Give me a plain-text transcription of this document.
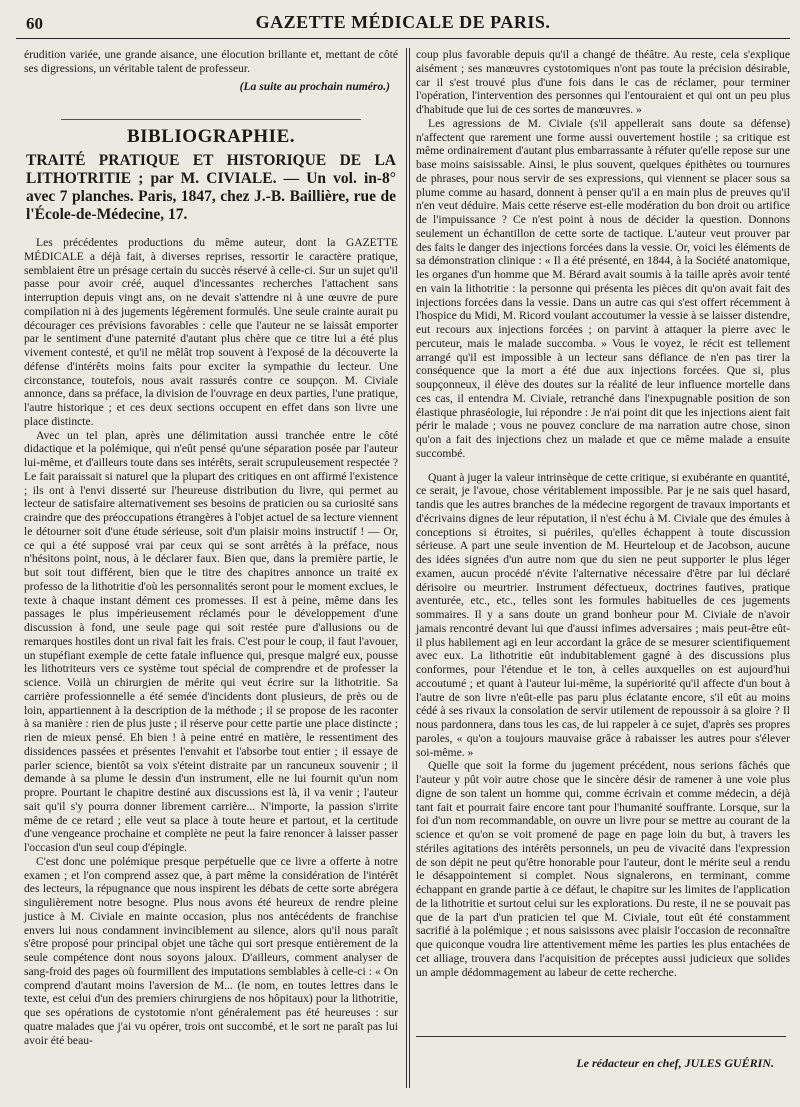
60	GAZETTE MÉDICALE DE PARIS.

érudition variée, une grande aisance, une élocution brillante et, mettant de côté ses digressions, un véritable talent de professeur.

(La suite au prochain numéro.)

BIBLIOGRAPHIE.

TRAITÉ PRATIQUE ET HISTORIQUE DE LA LITHOTRITIE ; par M. CIVIALE. — Un vol. in-8° avec 7 planches. Paris, 1847, chez J.-B. Baillière, rue de l'École-de-Médecine, 17.

Les précédentes productions du même auteur, dont la GAZETTE MÉDICALE a déjà fait, à diverses reprises, ressortir le caractère pratique, semblaient être un présage certain du succès réservé à celle-ci. Sur un sujet qu'il passe pour avoir créé, auquel d'incessantes recherches l'attachent sans interruption depuis vingt ans, on ne devait s'attendre ni à une œuvre de pure compilation ni à des jugements légèrement formulés. Une seule crainte aurait pu décourager ces prévisions favorables : celle que l'auteur ne se laissât emporter par le sentiment d'une paternité d'autant plus chère que ce titre lui a été plus vivement contesté, et qu'il ne mêlât trop souvent à l'exposé de la découverte la défense d'intérêts moins faits pour exciter la sympathie du lecteur. Une circonstance, toutefois, nous avait rassurés contre ce soupçon. M. Civiale annonce, dans sa préface, la division de l'ouvrage en deux parties, l'une pratique, l'autre historique ; et ces deux sections occupent en effet dans son livre une place distincte.

Avec un tel plan, après une délimitation aussi tranchée entre le côté didactique et la polémique, qui n'eût pensé qu'une séparation posée par l'auteur lui-même, et d'ailleurs toute dans ses intérêts, serait scrupuleusement respectée ? Le fait paraissait si naturel que la plupart des critiques en ont affirmé l'existence ; ils ont à l'envi disserté sur l'heureuse distribution du livre, qui permet au lecteur de satisfaire alternativement ses besoins de praticien ou sa curiosité sans craindre que des préoccupations étrangères à l'objet actuel de sa lecture viennent le détourner soit d'une étude sérieuse, soit d'un plaisir moins instructif ! — Or, ce qui a été supposé vrai par ceux qui se sont arrêtés à la préface, nous n'hésitons point, nous, à le déclarer faux. Bien que, dans la première partie, le but soit tout différent, bien que le titre des chapitres annonce un traité ex professo de la lithotritie d'où les personnalités seront pour le moment exclues, le texte à chaque instant dément ces promesses. Il est à peine, même dans les passages le plus impérieusement réclamés pour le développement d'une discussion à fond, une seule page qui soit restée pure d'allusions ou de remarques hostiles dont un rival fait les frais. C'est pour le coup, il faut l'avouer, un stupéfiant exemple de cette fatale influence qui, presque malgré eux, pousse les lithotriteurs vers ce système tout spécial de comprendre et de professer la science. Voilà un chirurgien de mérite qui veut écrire sur la lithotritie. Sa carrière professionnelle a été semée d'incidents dont plusieurs, de près ou de loin, appartiennent à la description de la méthode ; il se propose de les raconter à sa manière : rien de plus juste ; il réserve pour cette partie une place distincte ; rien de mieux pensé. Eh bien ! à peine entré en matière, le ressentiment des dissidences passées et présentes l'envahit et l'absorbe tout entier ; il essaye de parler science, bientôt sa voix s'éteint distraite par un rancuneux souvenir ; il demande à sa plume le dessin d'un instrument, elle ne lui fournit qu'un nom propre. Pourtant le chapitre destiné aux discussions est là, il va venir ; l'auteur sait qu'il s'y pourra donner librement carrière... N'importe, la passion s'irrite même de ce retard ; elle veut sa place à toute heure et partout, et la certitude d'une vengeance prochaine et complète ne peut la faire renoncer à laisser passer l'occasion d'un seul coup d'épingle.

C'est donc une polémique presque perpétuelle que ce livre a offerte à notre examen ; et l'on comprend assez que, à part même la considération de l'intérêt des lecteurs, la répugnance que nous inspirent les débats de cette sorte abrégera singulièrement notre besogne. Plus nous avons été heureux de rendre pleine justice à M. Civiale en mainte occasion, plus nos antécédents de franchise envers lui nous condamnent invinciblement au silence, alors qu'il nous paraît s'être proposé pour principal objet une tâche qui sort presque entièrement de la seule compétence dont nous soyons jaloux. D'ailleurs, comment analyser de sang-froid des pages où fourmillent des imputations semblables à celle-ci : « On comprend d'autant moins l'aversion de M... (le nom, en toutes lettres dans le texte, est celui d'un des premiers chirurgiens de nos hôpitaux) pour la lithotritie, que ses opérations de cystotomie n'ont généralement pas été heureuses : sur quatre malades que j'ai vu opérer, trois ont succombé, et le sort ne paraît pas lui avoir été beau-

coup plus favorable depuis qu'il a changé de théâtre. Au reste, cela s'explique aisément ; ses manœuvres cystotomiques n'ont pas toute la précision désirable, car il s'est trouvé plus d'une fois dans le cas de réclamer, pour terminer l'opération, l'intervention des personnes qui l'entouraient et qui ont un peu plus d'habitude que lui de ces sortes de manœuvres. »

Les agressions de M. Civiale (s'il appellerait sans doute sa défense) n'affectent que rarement une forme aussi ouvertement hostile ; sa critique est même ordinairement d'autant plus embarrassante à réfuter qu'elle repose sur une base moins saisissable. Ainsi, le plus souvent, quelques épithètes ou tournures de phrases, pour nous servir de ses expressions, qui viennent se placer sous sa plume comme au hasard, donnent à penser qu'il a en main plus de preuves qu'il n'en veut déduire. Mais cette réserve est-elle modération du bon droit ou artifice de l'impuissance ? Ce n'est point à nous de décider la question. Donnons seulement un échantillon de cette sorte de tactique. L'auteur veut prouver par des faits le danger des injections forcées dans la vessie. Or, voici les éléments de sa démonstration clinique : « Il a été présenté, en 1844, à la Société anatomique, les organes d'un homme que M. Bérard avait soumis à la taille après avoir tenté en vain la lithotritie : la personne qui présenta les pièces dit qu'on avait fait des injections forcées dans la vessie. Dans un autre cas qui s'est offert récemment à l'hospice du Midi, M. Ricord voulant accoutumer la vessie à se laisser distendre, eut recours aux injections forcées ; on parvint à attaquer la pierre avec le percuteur, mais le malade succomba. » Vous le voyez, le récit est tellement arrangé qu'il est impossible à un lecteur sans défiance de n'en pas tirer la conséquence que la mort a été due aux injections forcées. Que si, plus soupçonneux, il élève des doutes sur la réalité de leur influence mortelle dans ces cas, il entendra M. Civiale, retranché dans l'inexpugnable position de son élastique phraséologie, lui répondre : Je n'ai point dit que les injections aient fait périr le malade ; vous ne pouvez conclure de ma narration autre chose, sinon qu'on a fait des injections chez un malade et que ce même malade a ensuite succombé.

Quant à juger la valeur intrinsèque de cette critique, si exubérante en quantité, ce serait, je l'avoue, chose véritablement impossible. Par je ne sais quel hasard, tandis que les autres branches de la médecine regorgent de travaux importants et d'écrivains dignes de leur réputation, il n'est échu à M. Civiale que des émules à conceptions si étroites, si puériles, qu'elles échappent à toute discussion sérieuse. A part une seule invention de M. Heurteloup et de Jacobson, aucune des idées signées d'un autre nom que du sien ne peut supporter le plus léger examen, aucun procédé n'évite l'alternative nécessaire d'être par lui déclaré dérisoire ou meurtrier. Instrument défectueux, doctrines fautives, pratique aventurée, etc., etc., telles sont les formules habituelles de ces jugements sommaires. Il y a sans doute un grand bonheur pour M. Civiale de n'avoir jamais rencontré devant lui que d'aussi infimes adversaires ; mais peut-être eût-il plus habilement agi en leur accordant la grâce de se mesurer scientifiquement avec eux. La lithotritie eût indubitablement gagné à des discussions plus conformes, pour l'étendue et le ton, à celles auxquelles on est aujourd'hui accoutumé ; et quant à l'auteur lui-même, la supériorité qu'il affecte d'un bout à l'autre de son livre n'eût-elle pas paru plus éclatante encore, s'il eût au moins cédé à ses rivaux la consolation de servir utilement de repoussoir à sa gloire ? Il nous pardonnera, dans tous les cas, de lui rappeler à ce sujet, d'après ses propres paroles, « qu'on a toujours mauvaise grâce à rabaisser les autres pour s'élever soi-même. »

Quelle que soit la forme du jugement précédent, nous serions fâchés que l'auteur y pût voir autre chose que le sincère désir de ramener à une voie plus digne de son talent un homme qui, comme écrivain et comme médecin, a déjà tant fait et pourrait faire encore tant pour l'humanité souffrante. Lorsque, sur la foi d'un nom recommandable, on ouvre un livre pour se mettre au courant de la science et qu'on se voit promené de page en page loin du but, à travers les stériles agitations des intérêts personnels, un peu de vivacité dans l'expression de son dépit ne peut qu'être honorable pour l'auteur, dont le mérite seul a rendu le désappointement si complet. Nous signalerons, en terminant, comme échappant en grande partie à ce défaut, le chapitre sur les limites de l'application de la lithotritie et surtout celui sur les explorations. Du reste, il ne se pouvait pas que de la part d'un praticien tel que M. Civiale, tout eût été constamment sacrifié à la polémique ; et nous saisissons avec plaisir l'occasion de reconnaître que quiconque voudra lire attentivement même les parties les plus entachées de cet alliage, trouvera dans l'acquisition de préceptes aussi judicieux que solides un ample dédommagement au labeur de cette recherche.

Le rédacteur en chef, JULES GUÉRIN.
